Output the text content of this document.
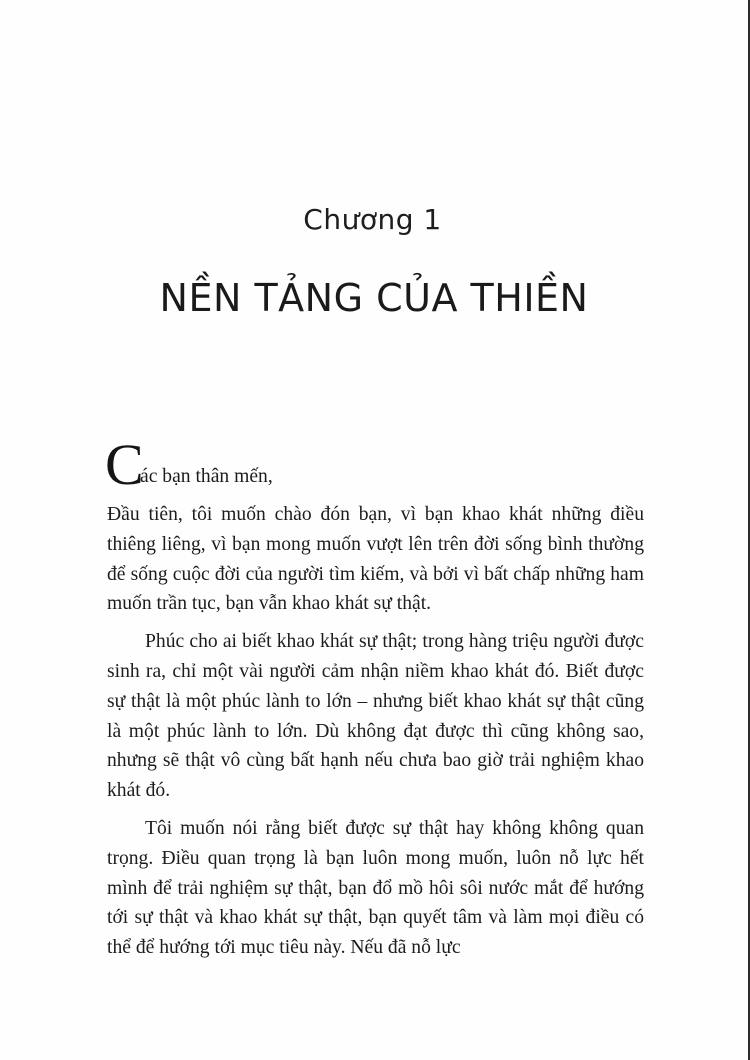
Chương 1
NỀN TẢNG CỦA THIỀN
C
ác bạn thân mến,

Đầu tiên, tôi muốn chào đón bạn, vì bạn khao khát những điều thiêng liêng, vì bạn mong muốn vượt lên trên đời sống bình thường để sống cuộc đời của người tìm kiếm, và bởi vì bất chấp những ham muốn trần tục, bạn vẫn khao khát sự thật.

Phúc cho ai biết khao khát sự thật; trong hàng triệu người được sinh ra, chỉ một vài người cảm nhận niềm khao khát đó. Biết được sự thật là một phúc lành to lớn – nhưng biết khao khát sự thật cũng là một phúc lành to lớn. Dù không đạt được thì cũng không sao, nhưng sẽ thật vô cùng bất hạnh nếu chưa bao giờ trải nghiệm khao khát đó.

Tôi muốn nói rằng biết được sự thật hay không không quan trọng. Điều quan trọng là bạn luôn mong muốn, luôn nỗ lực hết mình để trải nghiệm sự thật, bạn đổ mồ hôi sôi nước mắt để hướng tới sự thật và khao khát sự thật, bạn quyết tâm và làm mọi điều có thể để hướng tới mục tiêu này. Nếu đã nỗ lực
